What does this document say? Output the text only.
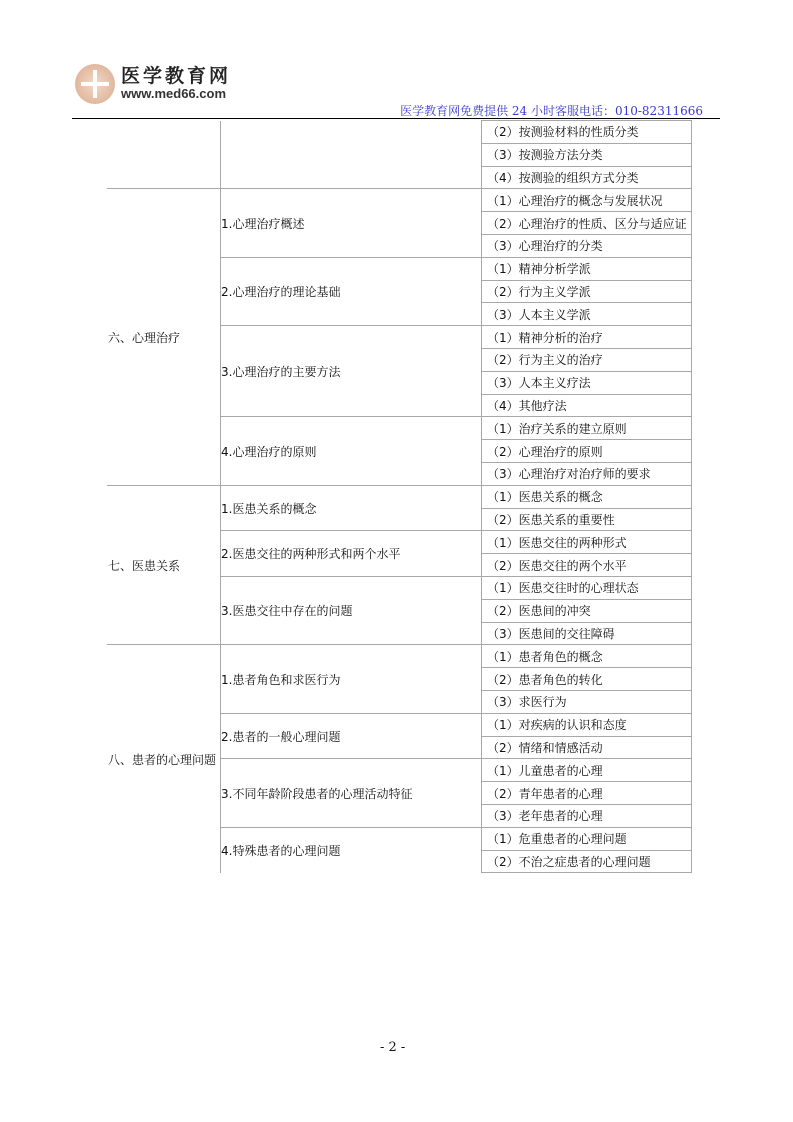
医学教育网
www.med66.com
医学教育网免费提供 24 小时客服电话：010-82311666
		（2）按测验材料的性质分类
		（3）按测验方法分类
		（4）按测验的组织方式分类
六、心理治疗	1.心理治疗概述	（1）心理治疗的概念与发展状况
		（2）心理治疗的性质、区分与适应证
		（3）心理治疗的分类
	2.心理治疗的理论基础	（1）精神分析学派
		（2）行为主义学派
		（3）人本主义学派
	3.心理治疗的主要方法	（1）精神分析的治疗
		（2）行为主义的治疗
		（3）人本主义疗法
		（4）其他疗法
	4.心理治疗的原则	（1）治疗关系的建立原则
		（2）心理治疗的原则
		（3）心理治疗对治疗师的要求
七、医患关系	1.医患关系的概念	（1）医患关系的概念
		（2）医患关系的重要性
	2.医患交往的两种形式和两个水平	（1）医患交往的两种形式
		（2）医患交往的两个水平
	3.医患交往中存在的问题	（1）医患交往时的心理状态
		（2）医患间的冲突
		（3）医患间的交往障碍
八、患者的心理问题	1.患者角色和求医行为	（1）患者角色的概念
		（2）患者角色的转化
		（3）求医行为
	2.患者的一般心理问题	（1）对疾病的认识和态度
		（2）情绪和情感活动
	3.不同年龄阶段患者的心理活动特征	（1）儿童患者的心理
		（2）青年患者的心理
		（3）老年患者的心理
	4.特殊患者的心理问题	（1）危重患者的心理问题
		（2）不治之症患者的心理问题
- 2 -
